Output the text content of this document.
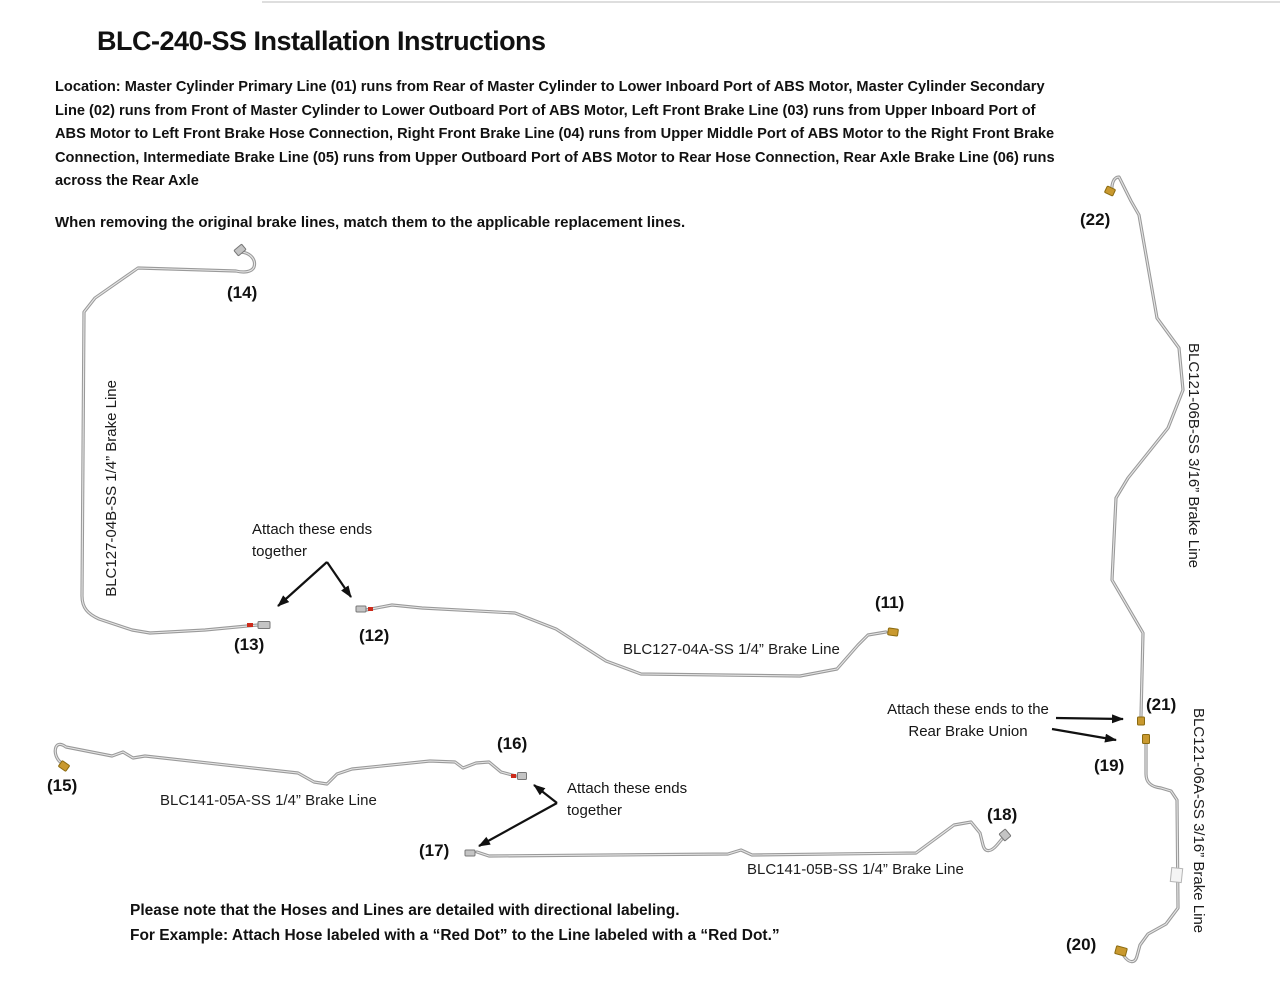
BLC-240-SS Installation Instructions
Location: Master Cylinder Primary Line (01) runs from Rear of Master Cylinder to Lower Inboard Port of ABS Motor, Master Cylinder Secondary
Line (02) runs from Front of Master Cylinder to Lower Outboard Port of ABS Motor, Left Front Brake Line (03) runs from Upper Inboard Port of
ABS Motor to Left Front Brake Hose Connection, Right Front Brake Line (04) runs from Upper Middle Port of ABS Motor to the Right Front Brake
Connection, Intermediate Brake Line (05) runs from Upper Outboard Port of ABS Motor to Rear Hose Connection, Rear Axle Brake Line (06) runs
across the Rear Axle
When removing the original brake lines, match them to the applicable replacement lines.
(14)
(13)	(12)
(11)
(22)
(21)
(19)
(20)
(15)
(16)
(17)
(18)
BLC127-04A-SS 1/4” Brake Line
BLC141-05A-SS 1/4” Brake Line
BLC141-05B-SS 1/4” Brake Line
BLC127-04B-SS 1/4” Brake Line	BLC121-06B-SS 3/16” Brake Line
BLC121-06A-SS 3/16” Brake Line
Attach these ends
together
Attach these ends to the
Rear Brake Union
Attach these ends
together
Please note that the Hoses and Lines are detailed with directional labeling.
For Example: Attach Hose labeled with a “Red Dot” to the Line labeled with a “Red Dot.”
